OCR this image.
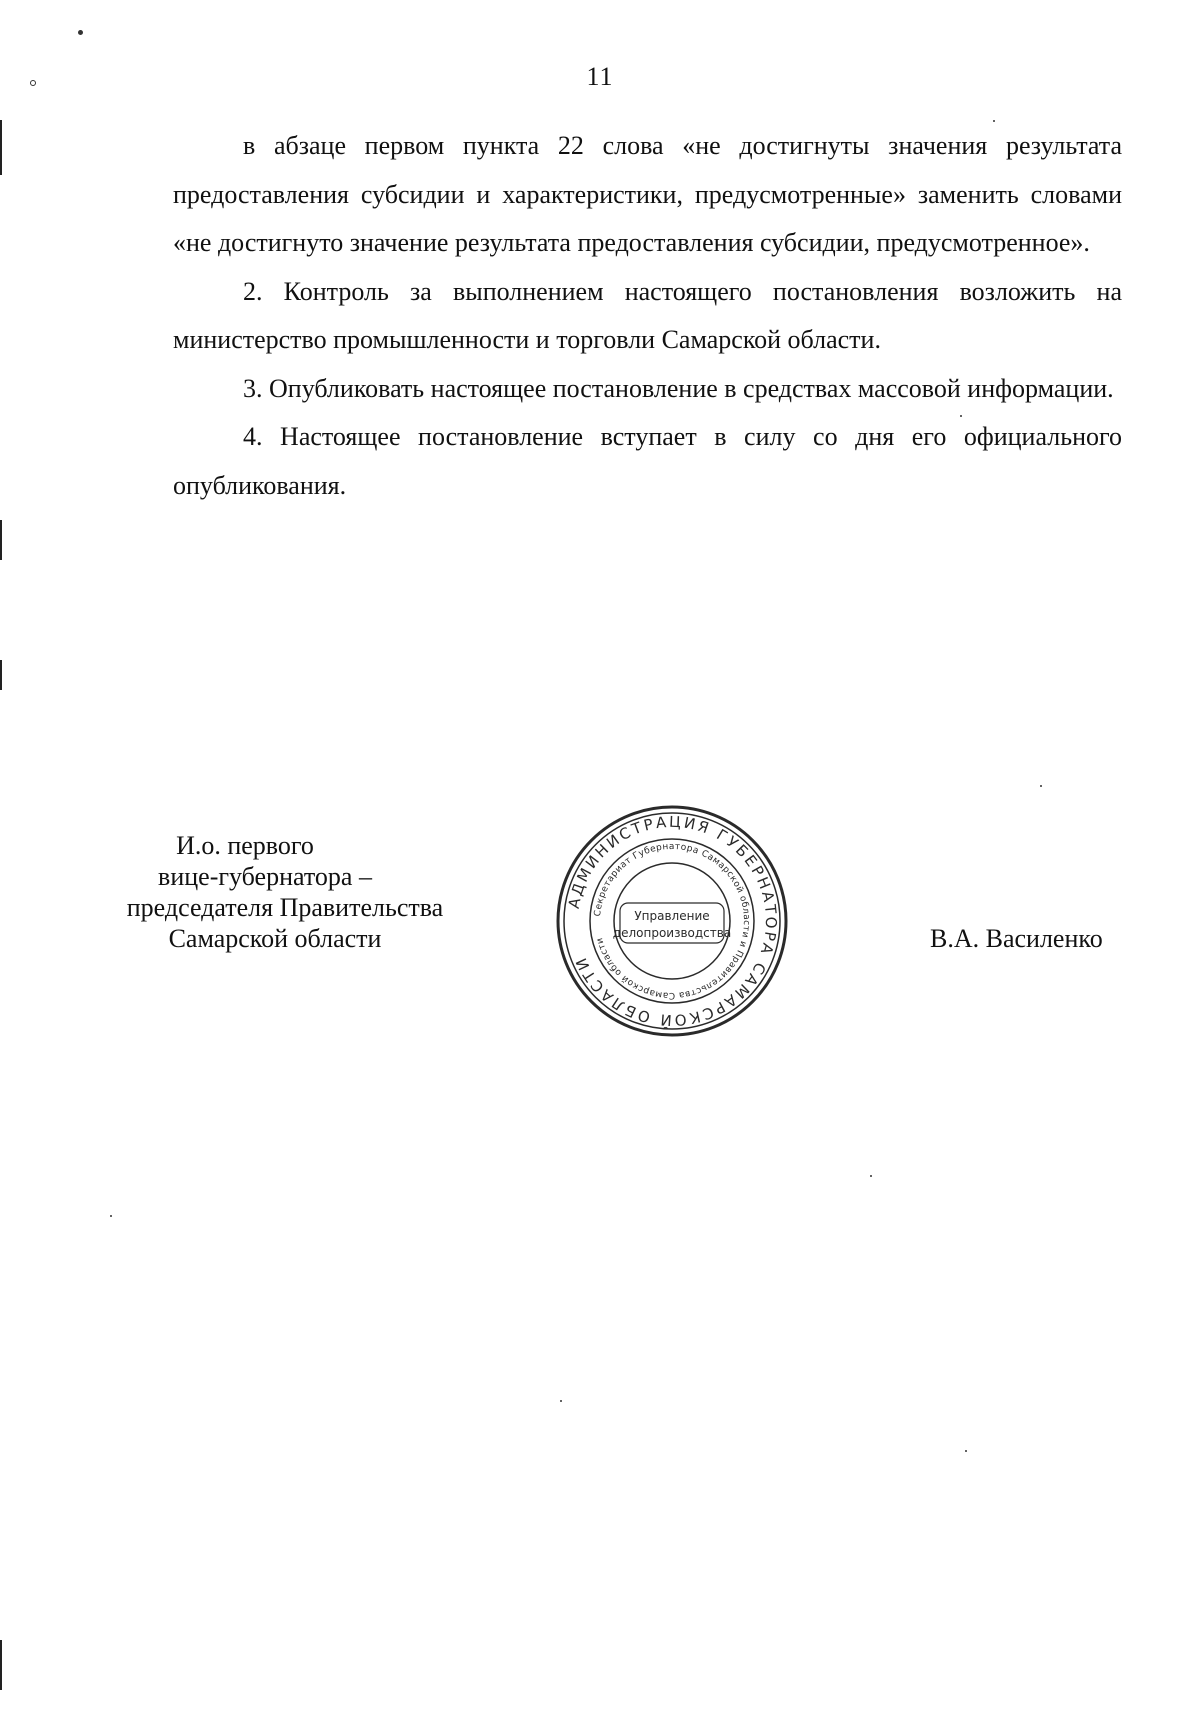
11

в абзаце первом пункта 22 слова «не достигнуты значения результата предоставления субсидии и характеристики, предусмотренные» заменить словами «не достигнуто значение результата предоставления субсидии, предусмотренное».

2. Контроль за выполнением настоящего постановления возложить на министерство промышленности и торговли Самарской области.

3. Опубликовать настоящее постановление в средствах массовой информации.

4. Настоящее постановление вступает в силу со дня его официального опубликования.

И.о. первого
вице-губернатора –
председателя Правительства
Самарской области
АДМИНИСТРАЦИЯ ГУБЕРНАТОРА САМАРСКОЙ ОБЛАСТИ
Секретариат Губернатора Самарской области и Правительства Самарской области
Управление
делопроизводства	В.А. Василенко
